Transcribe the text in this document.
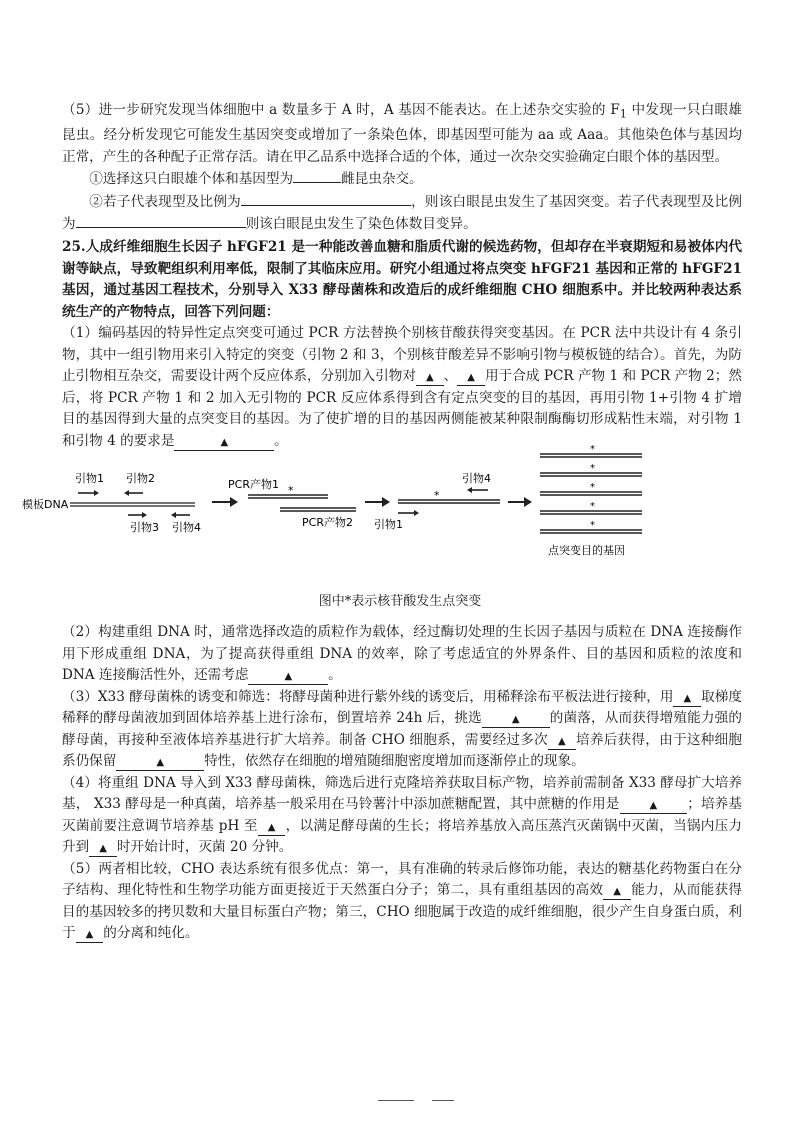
（5）进一步研究发现当体细胞中 a 数量多于 A 时，A 基因不能表达。在上述杂交实验的 $F_1$ 中发现一只白眼雄昆虫。经分析发现它可能发生基因突变或增加了一条染色体，即基因型可能为 aa 或 Aaa。其他染色体与基因均正常，产生的各种配子正常存活。请在甲乙品系中选择合适的个体，通过一次杂交实验确定白眼个体的基因型。

①选择这只白眼雄个体和基因型为	雌昆虫杂交。

②若子代表现型及比例为	，则该白眼昆虫发生了基因突变。若子代表现型及比例为	则该白眼昆虫发生了染色体数目变异。

25.人成纤维细胞生长因子 hFGF21 是一种能改善血糖和脂质代谢的候选药物，但却存在半衰期短和易被体内代谢等缺点，导致靶组织利用率低，限制了其临床应用。研究小组通过将点突变 hFGF21 基因和正常的 hFGF21 基因，通过基因工程技术，分别导入 X33 酵母菌株和改造后的成纤维细胞 CHO 细胞系中。并比较两种表达系统生产的产物特点，回答下列问题：

（1）编码基因的特异性定点突变可通过 PCR 方法替换个别核苷酸获得突变基因。在 PCR 法中共设计有 4 条引物，其中一组引物用来引入特定的突变（引物 2 和 3，个别核苷酸差异不影响引物与模板链的结合）。首先，为防止引物相互杂交，需要设计两个反应体系，分别加入引物对 ▲ 、 ▲ 用于合成 PCR 产物 1 和 PCR 产物 2；然后，将 PCR 产物 1 和 2 加入无引物的 PCR 反应体系得到含有定点突变的目的基因，再用引物 1+引物 4 扩增目的基因得到大量的点突变目的基因。为了使扩增的目的基因两侧能被某种限制酶酶切形成粘性末端，对引物 1 和引物 4 的要求是	▲	。

模板DNA
引物1 引物2
引物3 引物4
PCR产物1 *
PCR产物2
*
引物4
引物1
*
*
*
*
*
点突变目的基因
图中*表示核苷酸发生点突变

（2）构建重组 DNA 时，通常选择改造的质粒作为载体，经过酶切处理的生长因子基因与质粒在 DNA 连接酶作用下形成重组 DNA，为了提高获得重组 DNA 的效率，除了考虑适宜的外界条件、目的基因和质粒的浓度和 DNA 连接酶活性外，还需考虑	▲	。

（3）X33 酵母菌株的诱变和筛选：将酵母菌种进行紫外线的诱变后，用稀释涂布平板法进行接种，用 ▲ 取梯度稀释的酵母菌液加到固体培养基上进行涂布，倒置培养 24h 后，挑选	▲ 的菌落，从而获得增殖能力强的酵母菌，再接种至液体培养基进行扩大培养。制备 CHO 细胞系，需要经过多次 ▲ 培养后获得，由于这种细胞系仍保留	▲	特性，依然存在细胞的增殖随细胞密度增加而逐渐停止的现象。

（4）将重组 DNA 导入到 X33 酵母菌株，筛选后进行克隆培养获取目标产物，培养前需制备 X33 酵母扩大培养基， X33 酵母是一种真菌，培养基一般采用在马铃薯汁中添加蔗糖配置，其中蔗糖的作用是	▲ ；培养基灭菌前要注意调节培养基 pH 至 ▲ ，以满足酵母菌的生长；将培养基放入高压蒸汽灭菌锅中灭菌，当锅内压力升到 ▲ 时开始计时，灭菌 20 分钟。

（5）两者相比较，CHO 表达系统有很多优点：第一，具有准确的转录后修饰功能，表达的糖基化药物蛋白在分子结构、理化特性和生物学功能方面更接近于天然蛋白分子；第二，具有重组基因的高效 ▲ 能力，从而能获得目的基因较多的拷贝数和大量目标蛋白产物；第三，CHO 细胞属于改造的成纤维细胞，很少产生自身蛋白质，利于 ▲ 的分离和纯化。
